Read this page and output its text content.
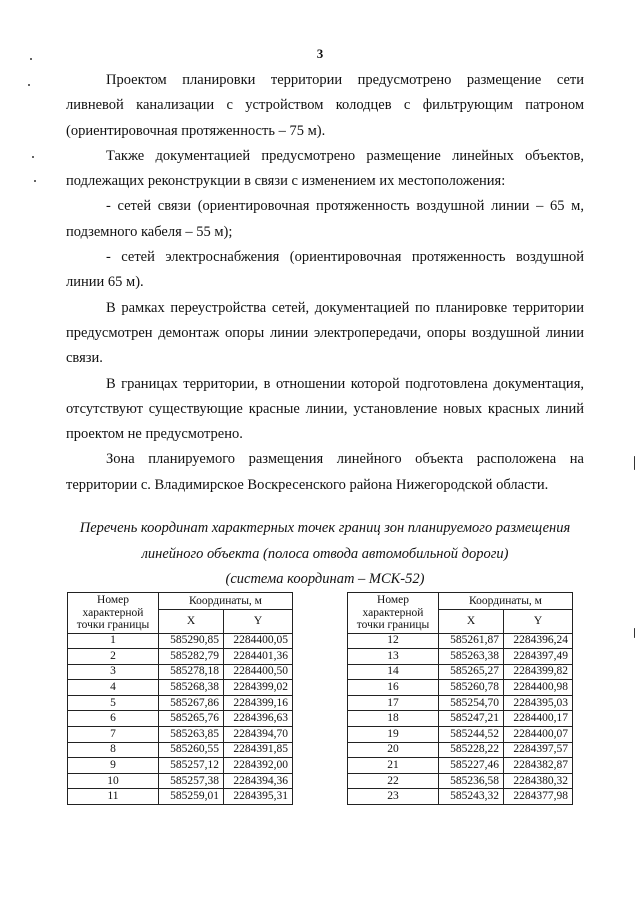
3

Проектом планировки территории предусмотрено размещение сети ливневой канализации с устройством колодцев с фильтрующим патроном (ориентировочная протяженность – 75 м).

Также документацией предусмотрено размещение линейных объектов, подлежащих реконструкции в связи с изменением их местоположения:

- сетей связи (ориентировочная протяженность воздушной линии – 65 м, подземного кабеля – 55 м);

- сетей электроснабжения (ориентировочная протяженность воздушной линии 65 м).

В рамках переустройства сетей, документацией по планировке территории предусмотрен демонтаж опоры линии электропередачи, опоры воздушной линии связи.

В границах территории, в отношении которой подготовлена документация, отсутствуют существующие красные линии, установление новых красных линий проектом не предусмотрено.

Зона планируемого размещения линейного объекта расположена на территории с. Владимирское Воскресенского района Нижегородской области.

Перечень координат характерных точек границ зон планируемого размещения
линейного объекта (полоса отвода автомобильной дороги)
(система координат – МСК-52)
Номер характерной точки границы	Координаты, м	
	X	Y
1	585290,85	2284400,05
2	585282,79	2284401,36
3	585278,18	2284400,50
4	585268,38	2284399,02
5	585267,86	2284399,16
6	585265,76	2284396,63
7	585263,85	2284394,70
8	585260,55	2284391,85
9	585257,12	2284392,00
10	585257,38	2284394,36
11	585259,01	2284395,31
Номер характерной точки границы	Координаты, м	
	X	Y
12	585261,87	2284396,24
13	585263,38	2284397,49
14	585265,27	2284399,82
16	585260,78	2284400,98
17	585254,70	2284395,03
18	585247,21	2284400,17
19	585244,52	2284400,07
20	585228,22	2284397,57
21	585227,46	2284382,87
22	585236,58	2284380,32
23	585243,32	2284377,98
